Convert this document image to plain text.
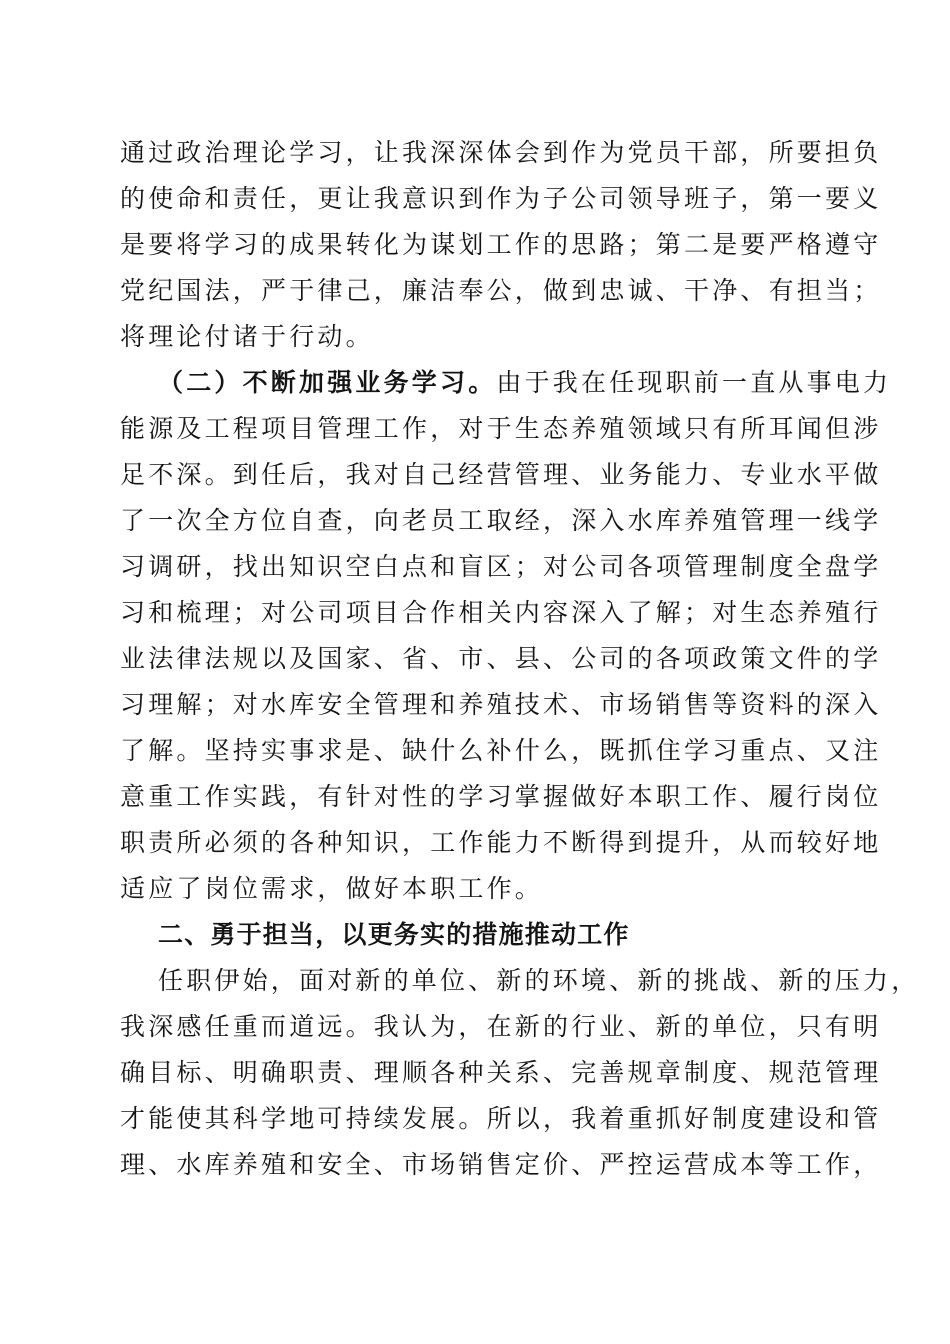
通过政治理论学习，让我深深体会到作为党员干部，所要担负
的使命和责任，更让我意识到作为子公司领导班子，第一要义
是要将学习的成果转化为谋划工作的思路；第二是要严格遵守
党纪国法，严于律己，廉洁奉公，做到忠诚、干净、有担当；
将理论付诸于行动。
（二）不断加强业务学习。由于我在任现职前一直从事电力
能源及工程项目管理工作，对于生态养殖领域只有所耳闻但涉
足不深。到任后，我对自己经营管理、业务能力、专业水平做
了一次全方位自查，向老员工取经，深入水库养殖管理一线学
习调研，找出知识空白点和盲区；对公司各项管理制度全盘学
习和梳理；对公司项目合作相关内容深入了解；对生态养殖行
业法律法规以及国家、省、市、县、公司的各项政策文件的学
习理解；对水库安全管理和养殖技术、市场销售等资料的深入
了解。坚持实事求是、缺什么补什么，既抓住学习重点、又注
意重工作实践，有针对性的学习掌握做好本职工作、履行岗位
职责所必须的各种知识，工作能力不断得到提升，从而较好地
适应了岗位需求，做好本职工作。
二、勇于担当，以更务实的措施推动工作
任职伊始，面对新的单位、新的环境、新的挑战、新的压力，
我深感任重而道远。我认为，在新的行业、新的单位，只有明
确目标、明确职责、理顺各种关系、完善规章制度、规范管理
才能使其科学地可持续发展。所以，我着重抓好制度建设和管
理、水库养殖和安全、市场销售定价、严控运营成本等工作，
